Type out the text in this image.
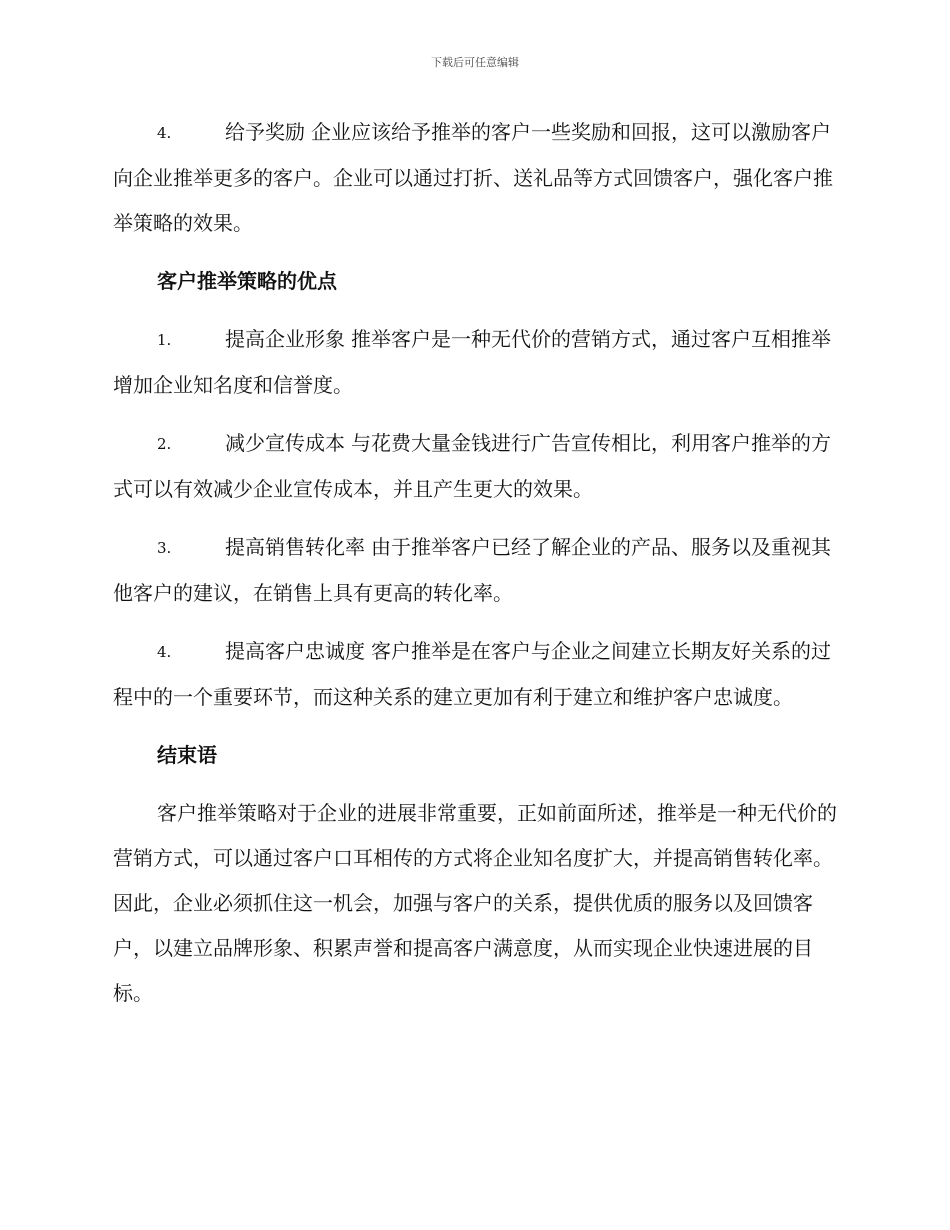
下载后可任意编辑

4.	给予奖励 企业应该给予推举的客户一些奖励和回报，这可以激励客户向企业推举更多的客户。企业可以通过打折、送礼品等方式回馈客户，强化客户推举策略的效果。

客户推举策略的优点

1.	提高企业形象 推举客户是一种无代价的营销方式，通过客户互相推举增加企业知名度和信誉度。

2.	减少宣传成本 与花费大量金钱进行广告宣传相比，利用客户推举的方式可以有效减少企业宣传成本，并且产生更大的效果。

3.	提高销售转化率 由于推举客户已经了解企业的产品、服务以及重视其他客户的建议，在销售上具有更高的转化率。

4.	提高客户忠诚度 客户推举是在客户与企业之间建立长期友好关系的过程中的一个重要环节，而这种关系的建立更加有利于建立和维护客户忠诚度。

结束语

客户推举策略对于企业的进展非常重要，正如前面所述，推举是一种无代价的营销方式，可以通过客户口耳相传的方式将企业知名度扩大，并提高销售转化率。因此，企业必须抓住这一机会，加强与客户的关系，提供优质的服务以及回馈客户，以建立品牌形象、积累声誉和提高客户满意度，从而实现企业快速进展的目标。
